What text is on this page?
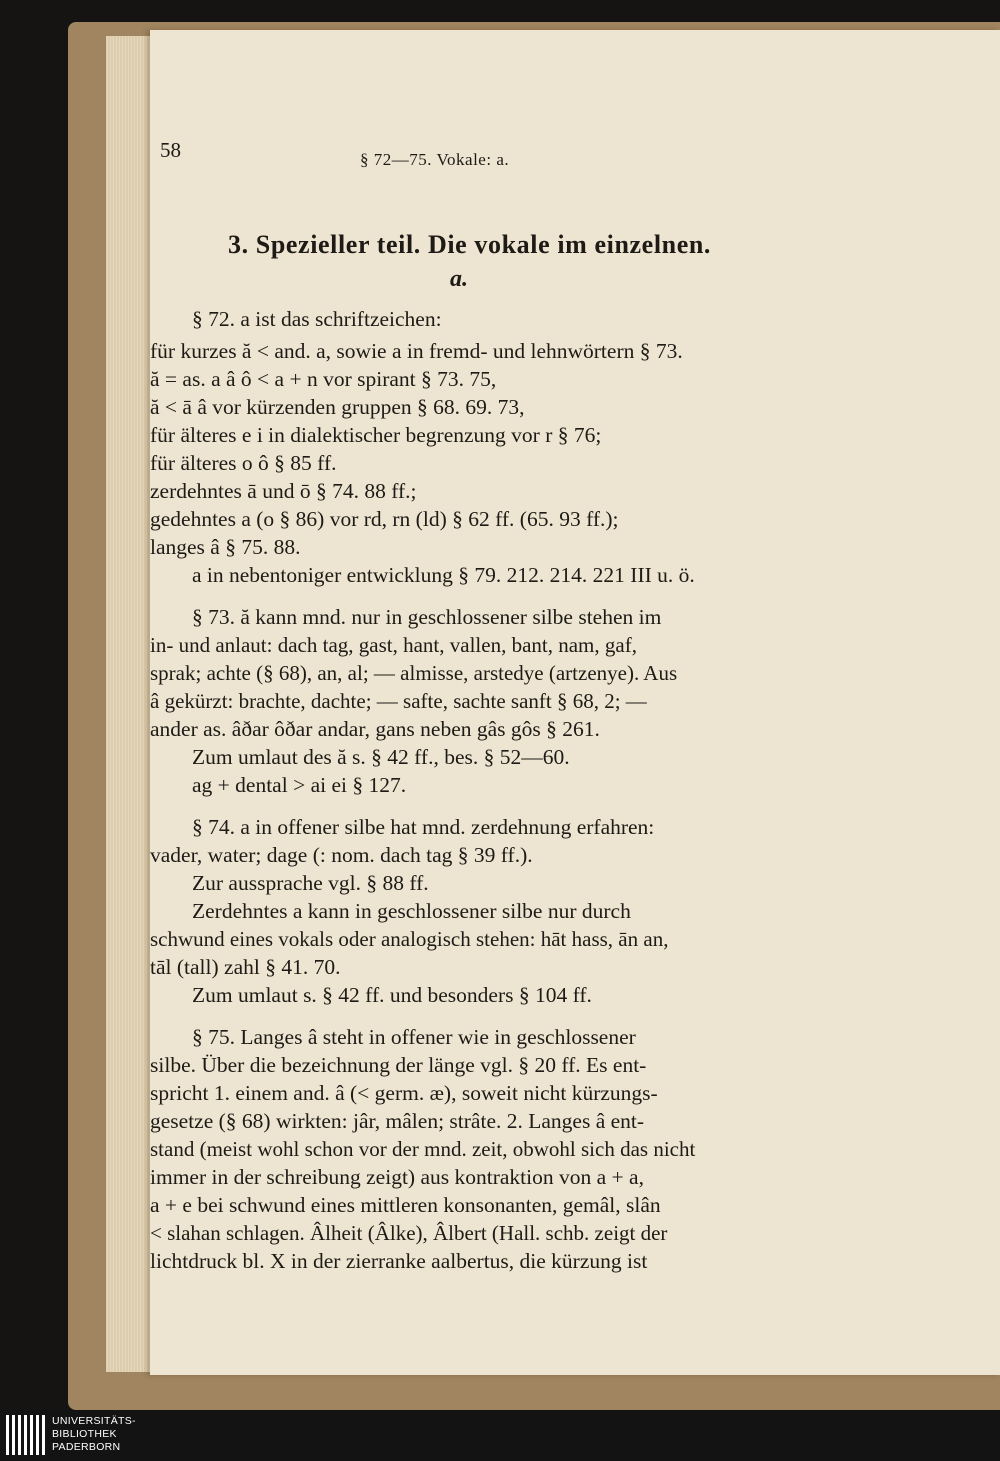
58	§ 72—75. Vokale: a.
3. Spezieller teil. Die vokale im einzelnen.
a.
§ 72. a ist das schriftzeichen:
für kurzes ă < and. a, sowie a in fremd- und lehnwörtern § 73.
ă = as. a â ô < a + n vor spirant § 73. 75,
ă < ā â vor kürzenden gruppen § 68. 69. 73,
für älteres e i in dialektischer begrenzung vor r § 76;
für älteres o ô § 85 ff.
zerdehntes ā und ō § 74. 88 ff.;
gedehntes a (o § 86) vor rd, rn (ld) § 62 ff. (65. 93 ff.);
langes â § 75. 88.
a in nebentoniger entwicklung § 79. 212. 214. 221 III u. ö.
§ 73. ă kann mnd. nur in geschlossener silbe stehen im
in- und anlaut: dach tag, gast, hant, vallen, bant, nam, gaf,
sprak; achte (§ 68), an, al; — almisse, arstedye (artzenye). Aus
â gekürzt: brachte, dachte; — safte, sachte sanft § 68, 2; —
ander as. âðar ôðar andar, gans neben gâs gôs § 261.
Zum umlaut des ă s. § 42 ff., bes. § 52—60.
ag + dental > ai ei § 127.
§ 74. a in offener silbe hat mnd. zerdehnung erfahren:
vader, water; dage (: nom. dach tag § 39 ff.).
Zur aussprache vgl. § 88 ff.
Zerdehntes a kann in geschlossener silbe nur durch
schwund eines vokals oder analogisch stehen: hāt hass, ān an,
tāl (tall) zahl § 41. 70.
Zum umlaut s. § 42 ff. und besonders § 104 ff.
§ 75. Langes â steht in offener wie in geschlossener
silbe. Über die bezeichnung der länge vgl. § 20 ff. Es ent-
spricht 1. einem and. â (< germ. æ), soweit nicht kürzungs-
gesetze (§ 68) wirkten: jâr, mâlen; strâte. 2. Langes â ent-
stand (meist wohl schon vor der mnd. zeit, obwohl sich das nicht
immer in der schreibung zeigt) aus kontraktion von a + a,
a + e bei schwund eines mittleren konsonanten, gemâl, slân
< slahan schlagen. Âlheit (Âlke), Âlbert (Hall. schb. zeigt der
lichtdruck bl. X in der zierranke aalbertus, die kürzung ist
UNIVERSITÄTS-
BIBLIOTHEK
PADERBORN
